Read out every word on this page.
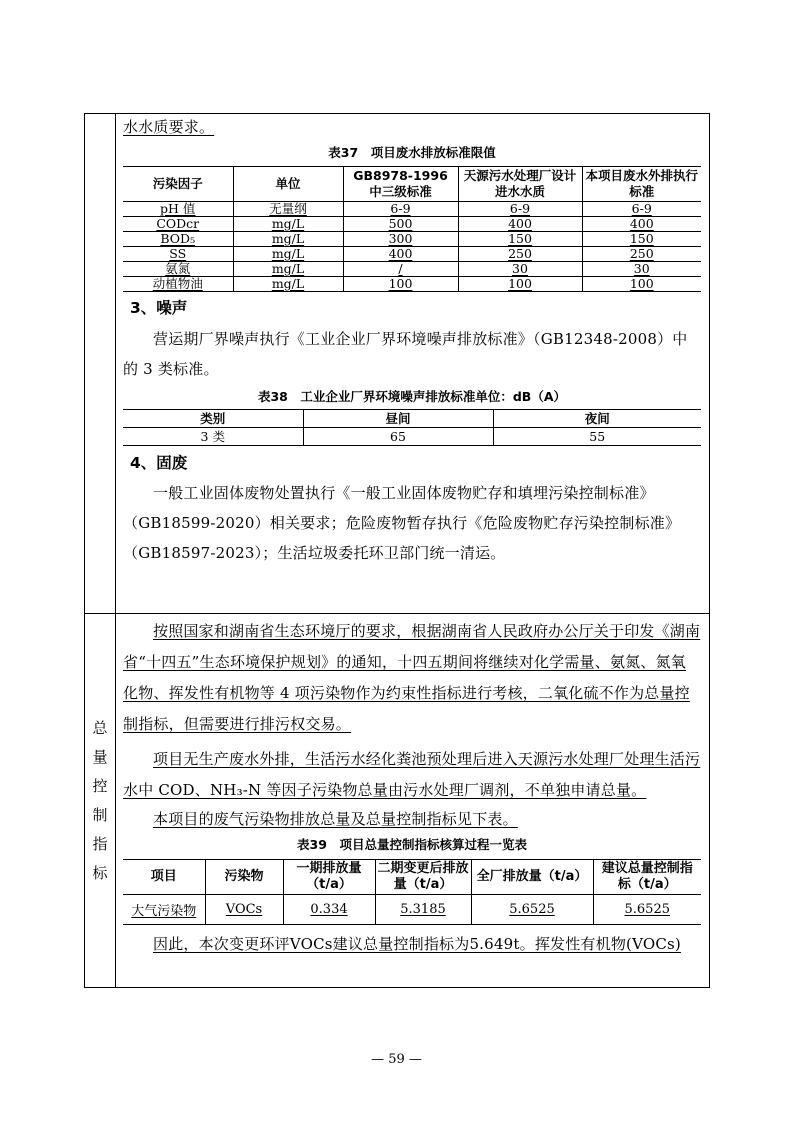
水水质要求。

表37　项目废水排放标准限值

污染因子	单位	GB8978-1996 中三级标准	天源污水处理厂设计进水水质	本项目废水外排执行标准
pH 值	无量纲	6-9	6-9	6-9
CODcr	mg/L	500	400	400
BOD₅	mg/L	300	150	150
SS	mg/L	400	250	250
氨氮	mg/L	/	30	30
动植物油	mg/L	100	100	100

3、噪声

营运期厂界噪声执行《工业企业厂界环境噪声排放标准》（GB12348-2008）中的 3 类标准。

表38　工业企业厂界环境噪声排放标准单位：dB（A）

类别	昼间	夜间
3 类	65	55

4、固废

一般工业固体废物处置执行《一般工业固体废物贮存和填埋污染控制标准》（GB18599-2020）相关要求；危险废物暂存执行《危险废物贮存污染控制标准》（GB18597-2023）；生活垃圾委托环卫部门统一清运。

总
量
控
制
指
标

按照国家和湖南省生态环境厅的要求，根据湖南省人民政府办公厅关于印发《湖南省“十四五”生态环境保护规划》的通知，十四五期间将继续对化学需量、氨氮、氮氧化物、挥发性有机物等 4 项污染物作为约束性指标进行考核，二氧化硫不作为总量控制指标，但需要进行排污权交易。

项目无生产废水外排，生活污水经化粪池预处理后进入天源污水处理厂处理生活污水中 COD、NH₃-N 等因子污染物总量由污水处理厂调剂，不单独申请总量。

本项目的废气污染物排放总量及总量控制指标见下表。

表39　项目总量控制指标核算过程一览表

项目	污染物	一期排放量（t/a）	二期变更后排放量（t/a）	全厂排放量（t/a）	建议总量控制指标（t/a）
大气污染物	VOCs	0.334	5.3185	5.6525	5.6525

因此，本次变更环评VOCs建议总量控制指标为5.649t。挥发性有机物(VOCs)

— 59 —
